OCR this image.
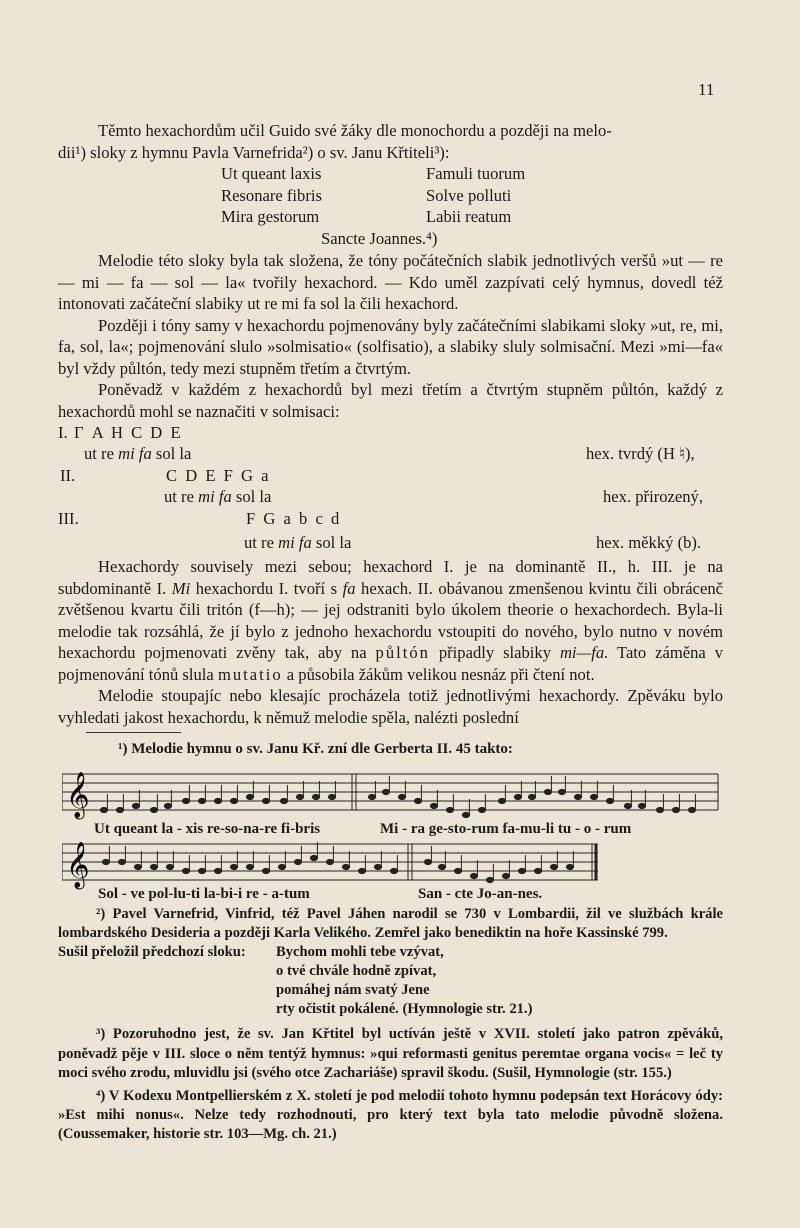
11

Těmto hexachordům učil Guido své žáky dle monochordu a později na melo-

dii¹) sloky z hymnu Pavla Varnefrida²) o sv. Janu Křtiteli³):

Ut queant laxis	Famuli tuorum
Resonare fibris	Solve polluti
Mira gestorum	Labii reatum
Sancte Joannes.⁴)

Melodie této sloky byla tak složena, že tóny počátečních slabik jednotlivých veršů »ut — re — mi — fa — sol — la« tvořily hexachord. — Kdo uměl zazpívati celý hymnus, dovedl též intonovati začáteční slabiky ut re mi fa sol la čili hexachord.

Později i tóny samy v hexachordu pojmenovány byly začátečními slabikami sloky »ut, re, mi, fa, sol, la«; pojmenování slulo »solmisatio« (solfisatio), a slabiky sluly solmisační. Mezi »mi—fa« byl vždy půltón, tedy mezi stupněm třetím a čtvrtým.

Poněvadž v každém z hexachordů byl mezi třetím a čtvrtým stupněm půltón, každý z hexachordů mohl se naznačiti v solmisaci:

I. Γ A H C D E
ut re mi fa sol la	hex. tvrdý (H ♮),
II.	C D E F G a
ut re mi fa sol la	hex. přirozený,
III.	F G a b c d
ut re mi fa sol la	hex. měkký (b).

Hexachordy souvisely mezi sebou; hexachord I. je na dominantě II., h. III. je na subdominantě I. Mi hexachordu I. tvoří s fa hexach. II. obávanou zmenšenou kvintu čili obrácenč zvětšenou kvartu čili tritón (f—h); — jej odstraniti bylo úkolem theorie o hexachordech. Byla-li melodie tak rozsáhlá, že jí bylo z jednoho hexachordu vstoupiti do nového, bylo nutno v novém hexachordu pojmenovati zvěny tak, aby na půltón připadly slabiky mi—fa. Tato záměna v pojmenování tónů slula mutatio a působila žákům velikou nesnáz při čtení not.

Melodie stoupajíc nebo klesajíc procházela totiž jednotlivými hexachordy. Zpěváku bylo vyhledati jakost hexachordu, k němuž melodie spěla, nalézti poslední

¹) Melodie hymnu o sv. Janu Kř. zní dle Gerberta II. 45 takto:
𝄞
Ut queant la - xis re-so-na-re fi-bris	Mi - ra ge-sto-rum fa-mu-li tu - o - rum
𝄞
Sol - ve pol-lu-ti la-bi-i re - a-tum	San - cte Jo-an-nes.

²) Pavel Varnefrid, Vinfrid, též Pavel Jáhen narodil se 730 v Lombardii, žil ve službách krále lombardského Desideria a později Karla Velikého. Zemřel jako benediktin na hoře Kassinské 799.

Sušil přeložil předchozí sloku: Bychom mohli tebe vzývat,
o tvé chvále hodně zpívat,
pomáhej nám svatý Jene
rty očistit pokálené. (Hymnologie str. 21.)

³) Pozoruhodno jest, že sv. Jan Křtitel byl uctíván ještě v XVII. století jako patron zpěváků, poněvadž pěje v III. sloce o něm tentýž hymnus: »qui reformasti genitus peremtae organa vocis« = leč ty moci svého zrodu, mluvidlu jsi (svého otce Zachariáše) spravil škodu. (Sušil, Hymnologie (str. 155.)

⁴) V Kodexu Montpellierském z X. století je pod melodií tohoto hymnu podepsán text Horácovy ódy: »Est mihi nonus«. Nelze tedy rozhodnouti, pro který text byla tato melodie původně složena. (Coussemaker, historie str. 103—Mg. ch. 21.)
